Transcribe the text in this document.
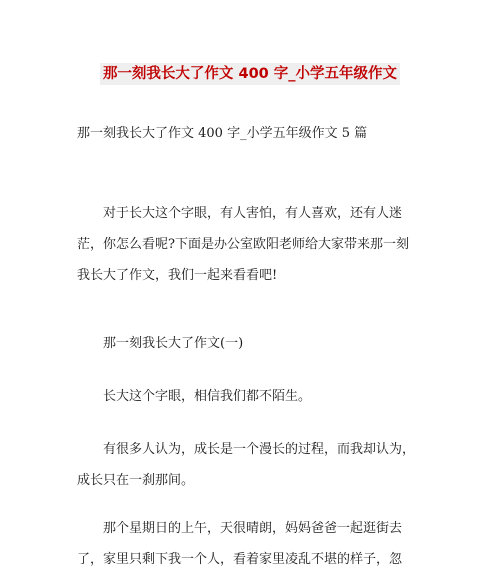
那一刻我长大了作文 400 字_小学五年级作文
那一刻我长大了作文 400 字_小学五年级作文 5 篇

对于长大这个字眼，有人害怕，有人喜欢，还有人迷
茫，你怎么看呢?下面是办公室欧阳老师给大家带来那一刻
我长大了作文，我们一起来看看吧!

那一刻我长大了作文(一)

长大这个字眼，相信我们都不陌生。

有很多人认为，成长是一个漫长的过程，而我却认为，
成长只在一刹那间。

那个星期日的上午，天很晴朗，妈妈爸爸一起逛街去
了，家里只剩下我一个人，看着家里凌乱不堪的样子，忽
